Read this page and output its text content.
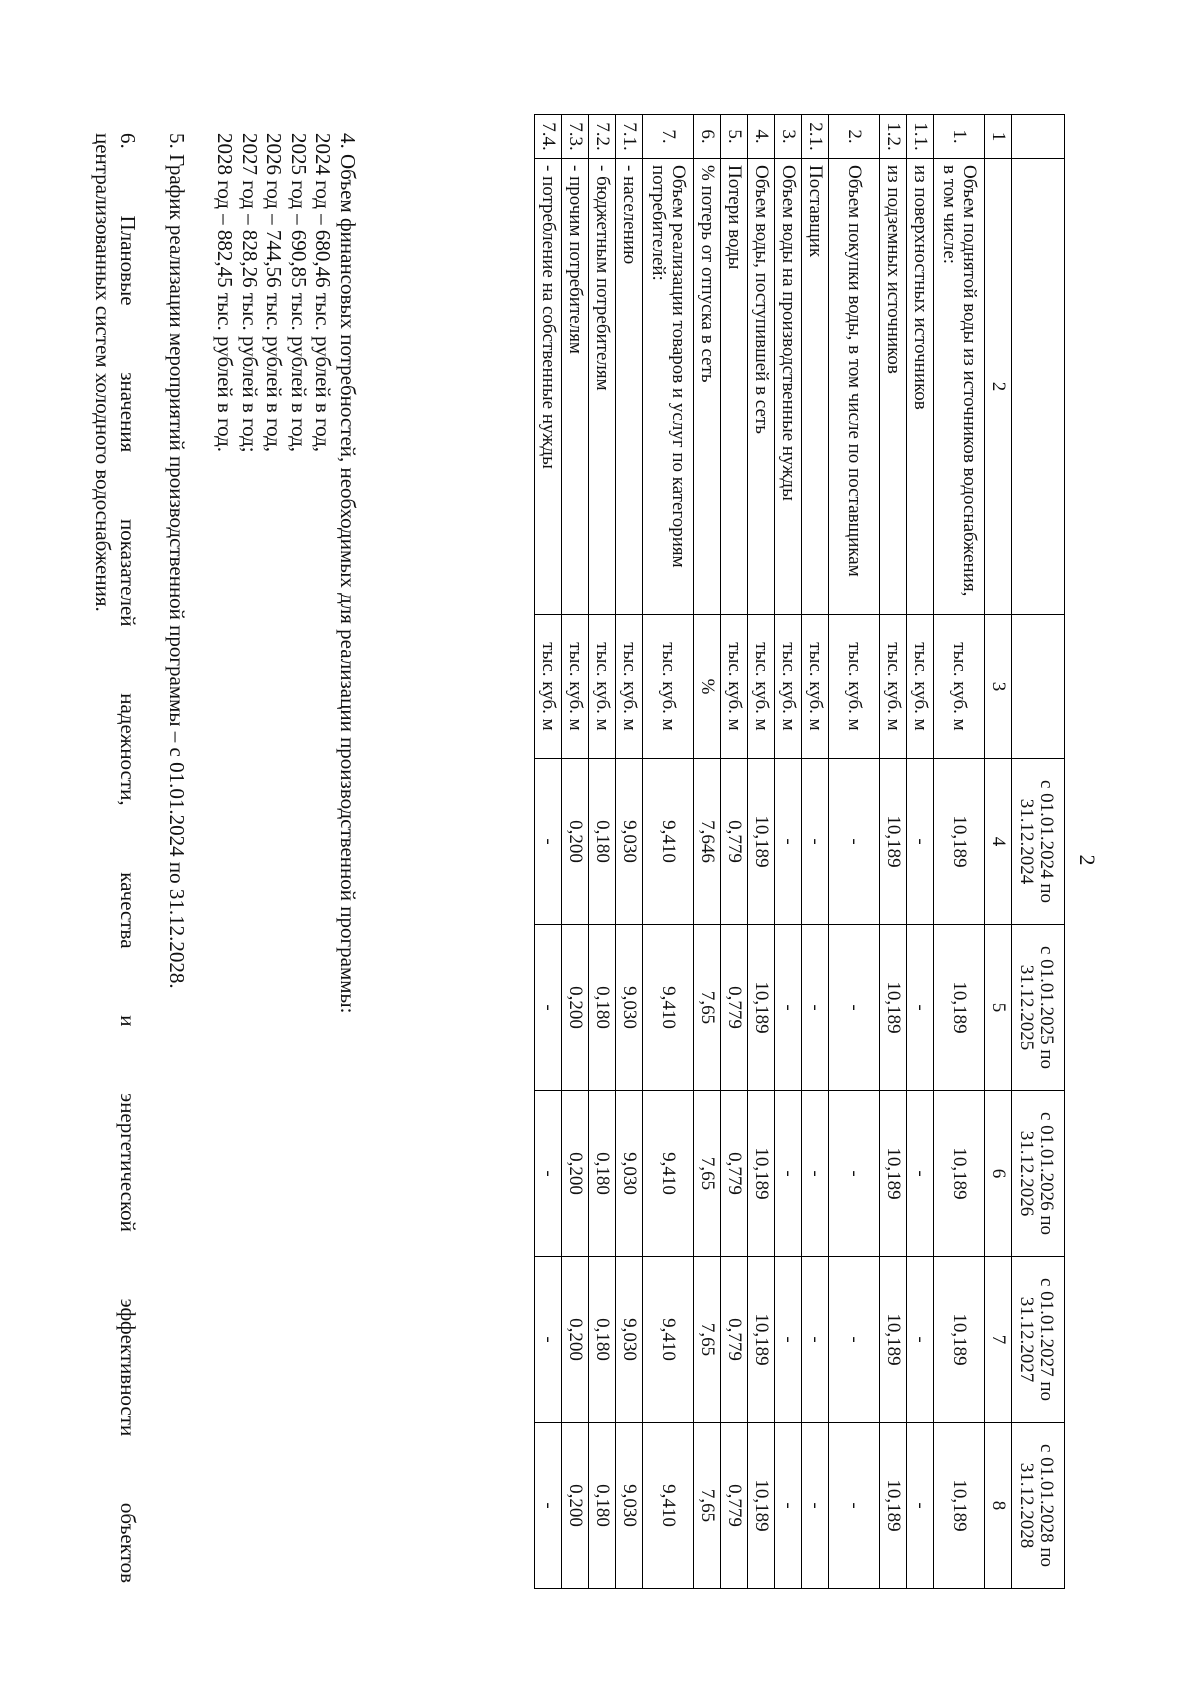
2
			с 01.01.2024 по 31.12.2024	с 01.01.2025 по 31.12.2025	с 01.01.2026 по 31.12.2026	с 01.01.2027 по 31.12.2027	с 01.01.2028 по 31.12.2028
1	2	3	4	5	6	7	8
1.	Объем поднятой воды из источников водоснабжения, в том числе:	тыс. куб. м	10,189	10,189	10,189	10,189	10,189
1.1.	из поверхностных источников	тыс. куб. м	-	-	-	-	-
1.2.	из подземных источников	тыс. куб. м	10,189	10,189	10,189	10,189	10,189
2.	Объем покупки воды, в том числе по поставщикам	тыс. куб. м	-	-	-	-	-
2.1.	Поставщик	тыс. куб. м	-	-	-	-	-
3.	Объем воды на производственные нужды	тыс. куб. м	-	-	-	-	-
4.	Объем воды, поступившей в сеть	тыс. куб. м	10,189	10,189	10,189	10,189	10,189
5.	Потери воды	тыс. куб. м	0,779	0,779	0,779	0,779	0,779
6.	% потерь от отпуска в сеть	%	7,646	7,65	7,65	7,65	7,65
7.	Объем реализации товаров и услуг по категориям потребителей:	тыс. куб. м	9,410	9,410	9,410	9,410	9,410
7.1.	- населению	тыс. куб. м	9,030	9,030	9,030	9,030	9,030
7.2.	- бюджетным потребителям	тыс. куб. м	0,180	0,180	0,180	0,180	0,180
7.3.	- прочим потребителям	тыс. куб. м	0,200	0,200	0,200	0,200	0,200
7.4.	- потребление на собственные нужды	тыс. куб. м	-	-	-	-	-

4. Объем финансовых потребностей, необходимых для реализации производственной программы:

2024 год – 680,46 тыс. рублей в год,

2025 год – 690,85 тыс. рублей в год,

2026 год – 744,56 тыс. рублей в год,

2027 год – 828,26 тыс. рублей в год;

2028 год – 882,45 тыс. рублей в год.

5. График реализации мероприятий производственной программы – с 01.01.2024 по 31.12.2028.

6. Плановые значения показателей надежности, качества и энергетической эффективности объектов

централизованных систем холодного водоснабжения.
